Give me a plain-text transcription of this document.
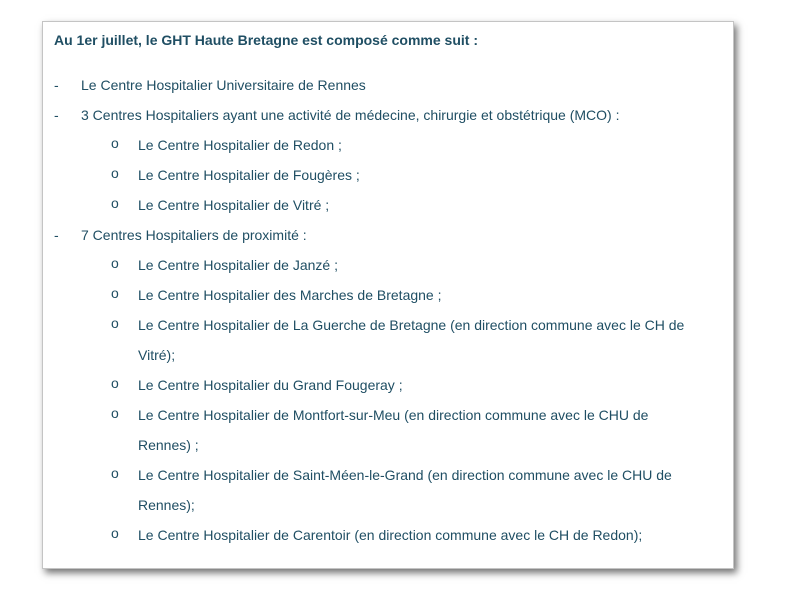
Au 1er juillet, le GHT Haute Bretagne est composé comme suit :
- Le Centre Hospitalier Universitaire de Rennes
- 3 Centres Hospitaliers ayant une activité de médecine, chirurgie et obstétrique (MCO) :
o Le Centre Hospitalier de Redon ;
o Le Centre Hospitalier de Fougères ;
o Le Centre Hospitalier de Vitré ;
- 7 Centres Hospitaliers de proximité :
o Le Centre Hospitalier de Janzé ;
o Le Centre Hospitalier des Marches de Bretagne ;
o Le Centre Hospitalier de La Guerche de Bretagne (en direction commune avec le CH de
Vitré);
o Le Centre Hospitalier du Grand Fougeray ;
o Le Centre Hospitalier de Montfort-sur-Meu (en direction commune avec le CHU de
Rennes) ;
o Le Centre Hospitalier de Saint-Méen-le-Grand (en direction commune avec le CHU de
Rennes);
o Le Centre Hospitalier de Carentoir (en direction commune avec le CH de Redon);
